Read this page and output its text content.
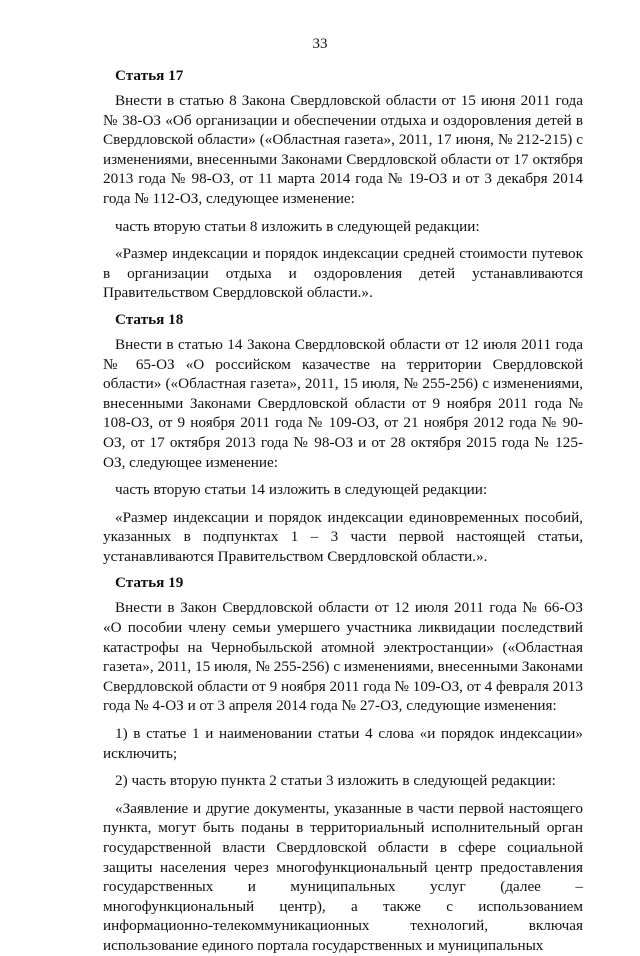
33
Статья 17

Внести в статью 8 Закона Свердловской области от 15 июня 2011 года № 38-ОЗ «Об организации и обеспечении отдыха и оздоровления детей в Свердловской области» («Областная газета», 2011, 17 июня, № 212-215) с изменениями, внесенными Законами Свердловской области от 17 октября 2013 года № 98-ОЗ, от 11 марта 2014 года № 19-ОЗ и от 3 декабря 2014 года № 112-ОЗ, следующее изменение:

часть вторую статьи 8 изложить в следующей редакции:

«Размер индексации и порядок индексации средней стоимости путевок в организации отдыха и оздоровления детей устанавливаются Правительством Свердловской области.».

Статья 18

Внести в статью 14 Закона Свердловской области от 12 июля 2011 года № 65-ОЗ «О российском казачестве на территории Свердловской области» («Областная газета», 2011, 15 июля, № 255-256) с изменениями, внесенными Законами Свердловской области от 9 ноября 2011 года № 108-ОЗ, от 9 ноября 2011 года № 109-ОЗ, от 21 ноября 2012 года № 90-ОЗ, от 17 октября 2013 года № 98-ОЗ и от 28 октября 2015 года № 125-ОЗ, следующее изменение:

часть вторую статьи 14 изложить в следующей редакции:

«Размер индексации и порядок индексации единовременных пособий, указанных в подпунктах 1 – 3 части первой настоящей статьи, устанавливаются Правительством Свердловской области.».

Статья 19

Внести в Закон Свердловской области от 12 июля 2011 года № 66-ОЗ «О пособии члену семьи умершего участника ликвидации последствий катастрофы на Чернобыльской атомной электростанции» («Областная газета», 2011, 15 июля, № 255-256) с изменениями, внесенными Законами Свердловской области от 9 ноября 2011 года № 109-ОЗ, от 4 февраля 2013 года № 4-ОЗ и от 3 апреля 2014 года № 27-ОЗ, следующие изменения:

1) в статье 1 и наименовании статьи 4 слова «и порядок индексации» исключить;

2) часть вторую пункта 2 статьи 3 изложить в следующей редакции:

«Заявление и другие документы, указанные в части первой настоящего пункта, могут быть поданы в территориальный исполнительный орган государственной власти Свердловской области в сфере социальной защиты населения через многофункциональный центр предоставления государственных и муниципальных услуг (далее – многофункциональный центр), а также с использованием информационно-телекоммуникационных технологий, включая использование единого портала государственных и муниципальных
